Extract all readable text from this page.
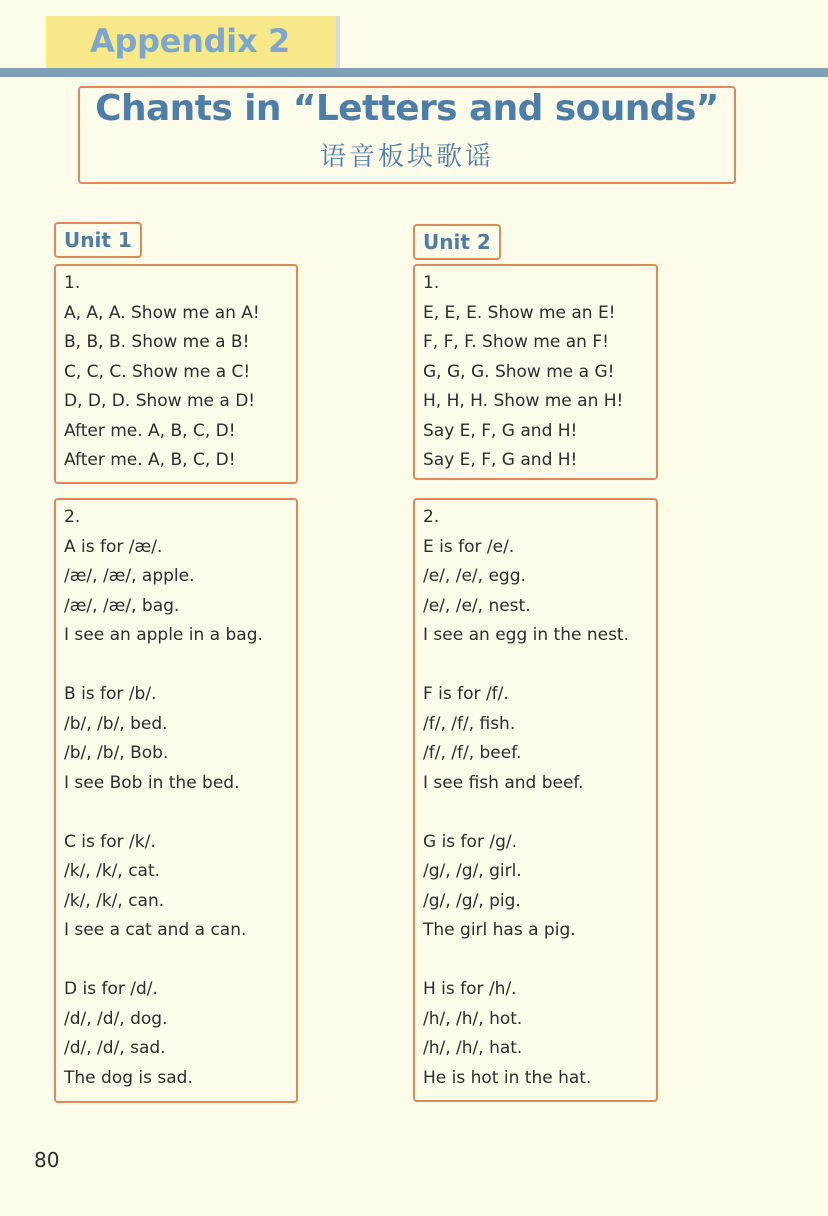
Appendix 2
Chants in “Letters and sounds”
语音板块歌谣
Unit 1
1.
A, A, A. Show me an A!
B, B, B. Show me a B!
C, C, C. Show me a C!
D, D, D. Show me a D!
After me. A, B, C, D!
After me. A, B, C, D!
2.
A is for /æ/.
/æ/, /æ/, apple.
/æ/, /æ/, bag.
I see an apple in a bag.
B is for /b/.
/b/, /b/, bed.
/b/, /b/, Bob.
I see Bob in the bed.
C is for /k/.
/k/, /k/, cat.
/k/, /k/, can.
I see a cat and a can.
D is for /d/.
/d/, /d/, dog.
/d/, /d/, sad.
The dog is sad.
Unit 2
1.
E, E, E. Show me an E!
F, F, F. Show me an F!
G, G, G. Show me a G!
H, H, H. Show me an H!
Say E, F, G and H!
Say E, F, G and H!
2.
E is for /e/.
/e/, /e/, egg.
/e/, /e/, nest.
I see an egg in the nest.
F is for /f/.
/f/, /f/, fish.
/f/, /f/, beef.
I see fish and beef.
G is for /g/.
/g/, /g/, girl.
/g/, /g/, pig.
The girl has a pig.
H is for /h/.
/h/, /h/, hot.
/h/, /h/, hat.
He is hot in the hat.
80
